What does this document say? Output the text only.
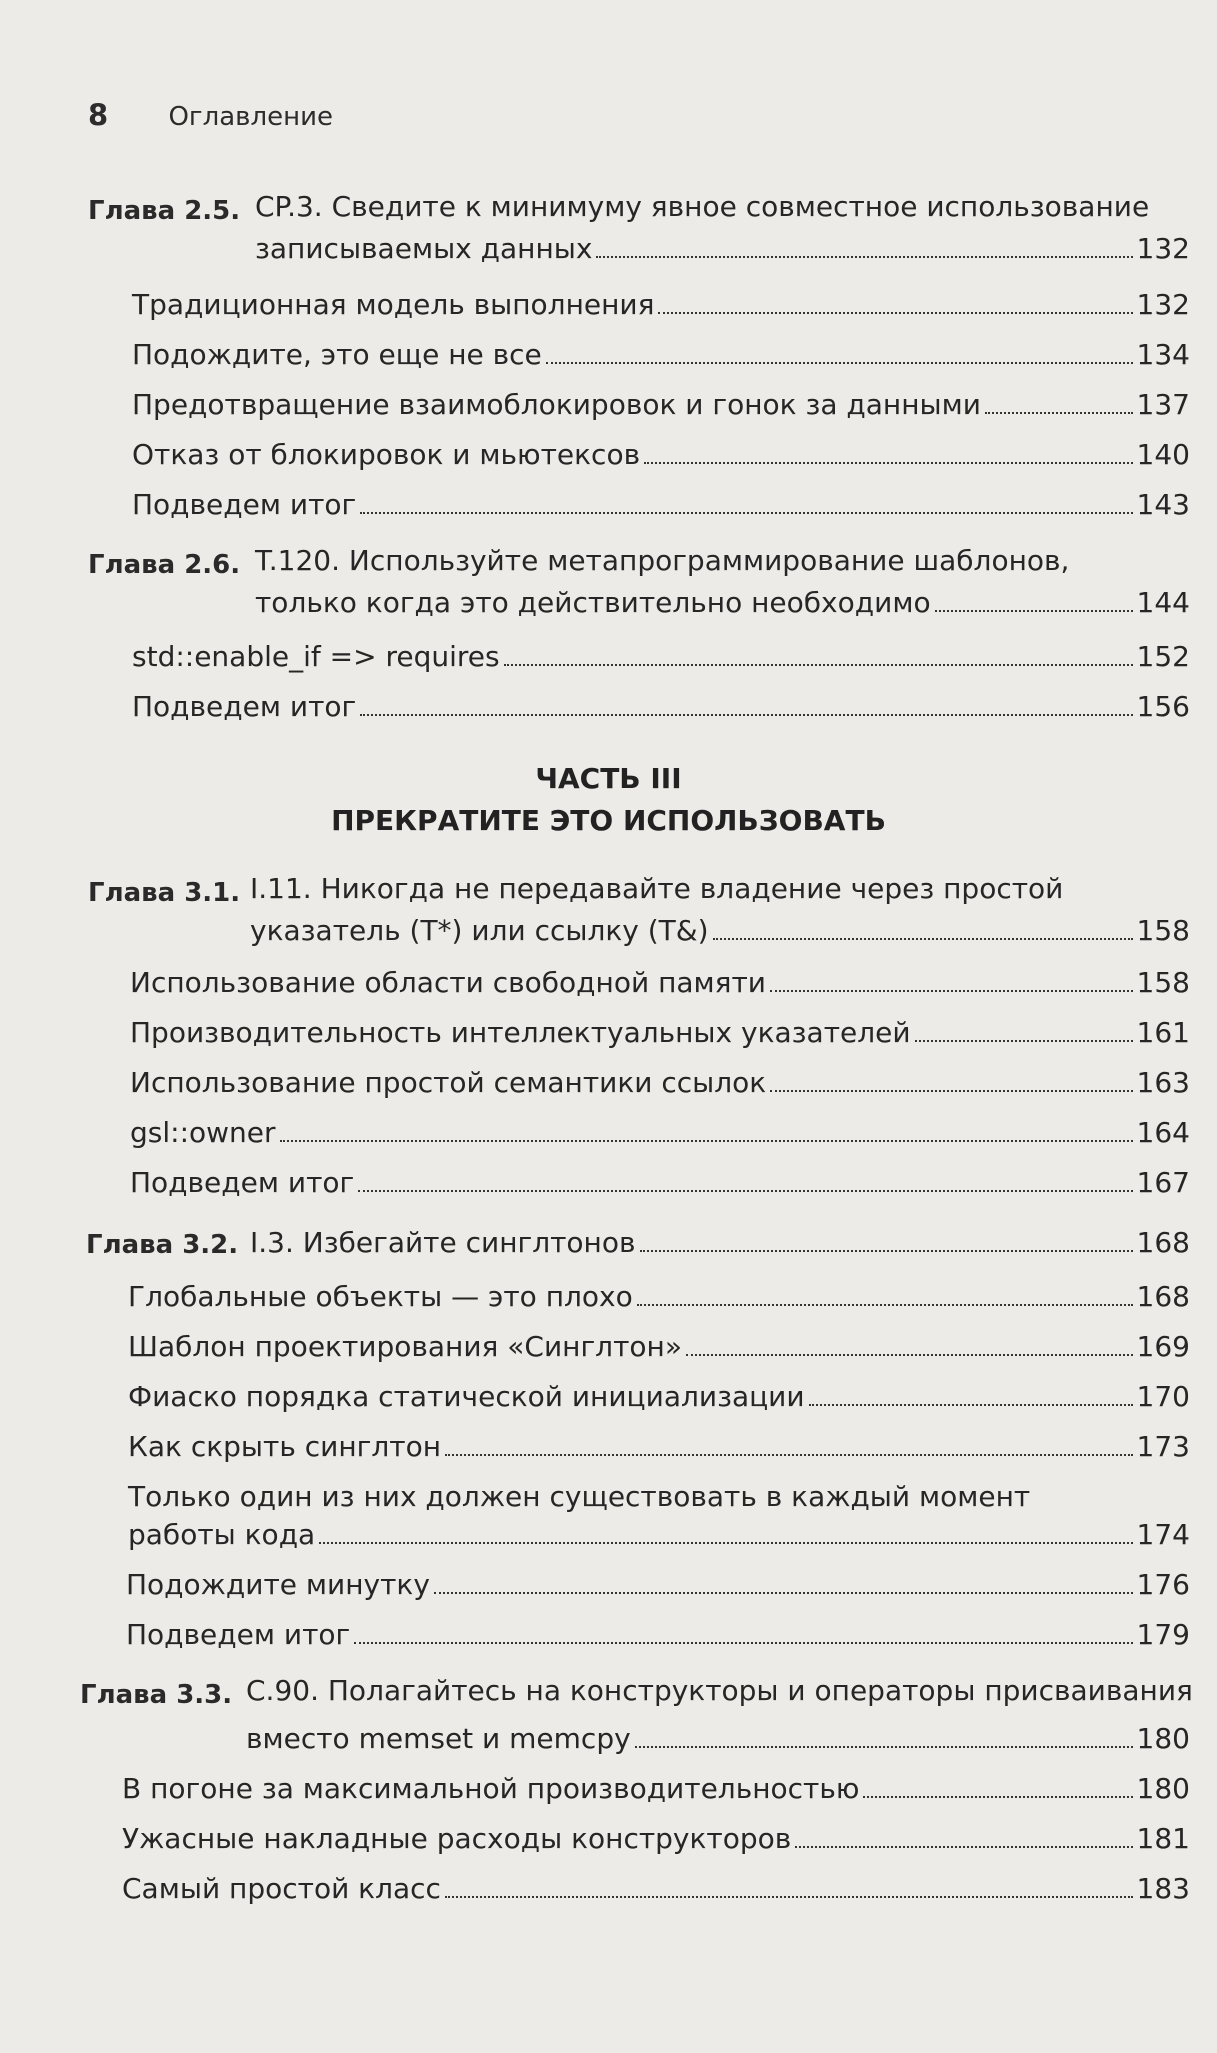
8 Оглавление
Глава 2.5. CP.3. Сведите к минимуму явное совместное использование
записываемых данных	132
Традиционная модель выполнения	132
Подождите, это еще не все	134
Предотвращение взаимоблокировок и гонок за данными	137
Отказ от блокировок и мьютексов	140
Подведем итог	143
Глава 2.6. T.120. Используйте метапрограммирование шаблонов,
только когда это действительно необходимо	144
std::enable_if => requires	152
Подведем итог	156
ЧАСТЬ III
ПРЕКРАТИТЕ ЭТО ИСПОЛЬЗОВАТЬ
Глава 3.1. I.11. Никогда не передавайте владение через простой
указатель (T*) или ссылку (T&)	158
Использование области свободной памяти	158
Производительность интеллектуальных указателей	161
Использование простой семантики ссылок	163
gsl::owner	164
Подведем итог	167
Глава 3.2. I.3. Избегайте синглтонов	168
Глобальные объекты — это плохо	168
Шаблон проектирования «Синглтон»	169
Фиаско порядка статической инициализации	170
Как скрыть синглтон	173
Только один из них должен существовать в каждый момент
работы кода	174
Подождите минутку	176
Подведем итог	179
Глава 3.3. C.90. Полагайтесь на конструкторы и операторы присваивания
вместо memset и memcpy	180
В погоне за максимальной производительностью	180
Ужасные накладные расходы конструкторов	181
Самый простой класс	183
